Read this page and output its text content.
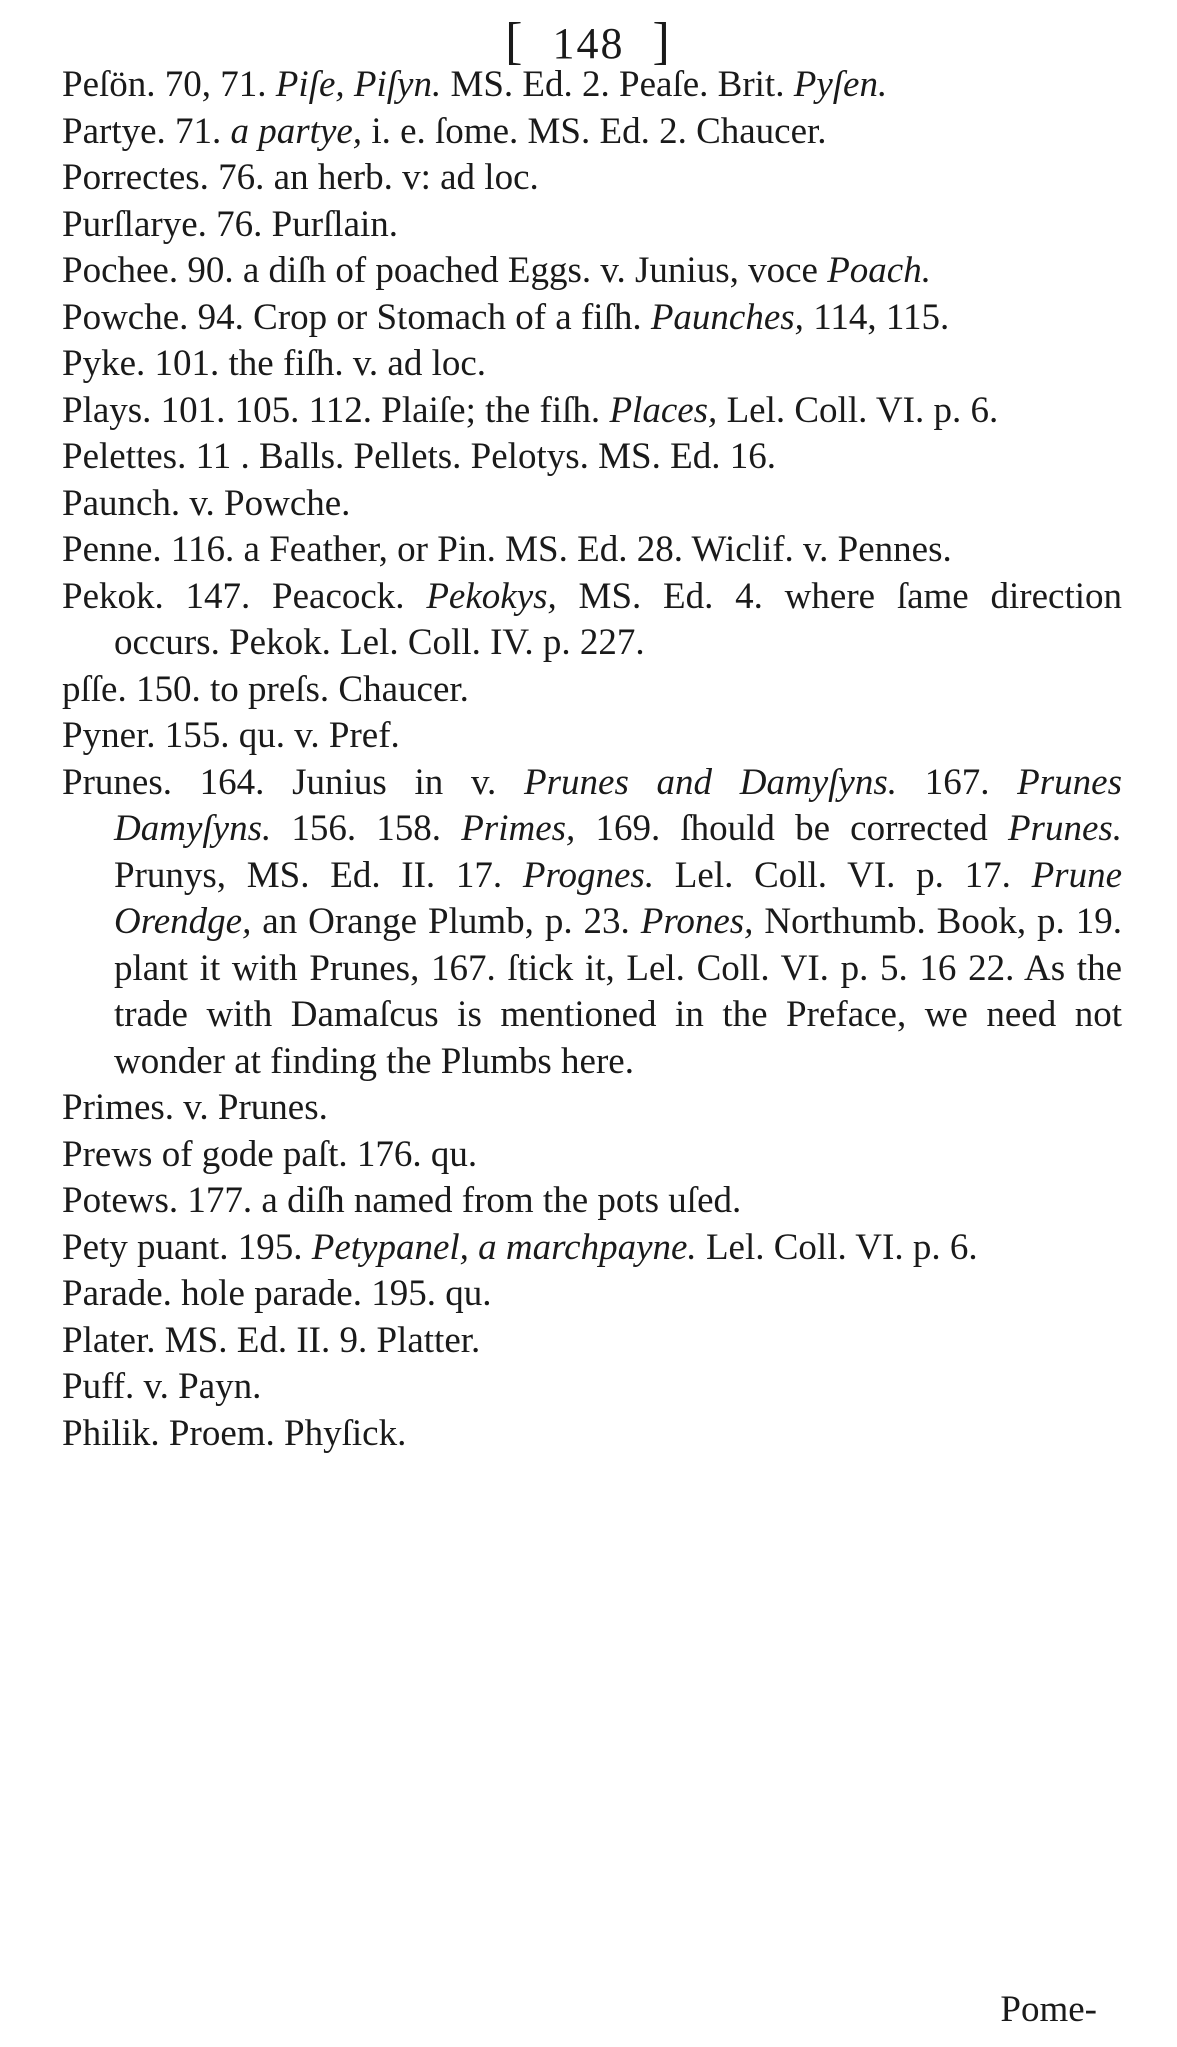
[ 148 ]

Peſön. 70, 71. Piſe, Piſyn. MS. Ed. 2. Peaſe. Brit. Pyſen.

Partye. 71. a partye, i. e. ſome. MS. Ed. 2. Chaucer.

Porrectes. 76. an herb. v: ad loc.

Purſlarye. 76. Purſlain.

Pochee. 90. a diſh of poached Eggs. v. Junius, voce Poach.

Powche. 94. Crop or Stomach of a fiſh. Paunches, 114, 115.

Pyke. 101. the fiſh. v. ad loc.

Plays. 101. 105. 112. Plaiſe; the fiſh. Places, Lel. Coll. VI. p. 6.

Pelettes. 11 . Balls. Pellets. Pelotys. MS. Ed. 16.

Paunch. v. Powche.

Penne. 116. a Feather, or Pin. MS. Ed. 28. Wiclif. v. Pennes.

Pekok. 147. Peacock. Pekokys, MS. Ed. 4. where ſame direction occurs. Pekok. Lel. Coll. IV. p. 227.

pſſe. 150. to preſs. Chaucer.

Pyner. 155. qu. v. Pref.

Prunes. 164. Junius in v. Prunes and Damyſyns. 167. Prunes Damyſyns. 156. 158. Primes, 169. ſhould be corrected Prunes. Prunys, MS. Ed. II. 17. Prognes. Lel. Coll. VI. p. 17. Prune Orendge, an Orange Plumb, p. 23. Prones, Northumb. Book, p. 19. plant it with Prunes, 167. ſtick it, Lel. Coll. VI. p. 5. 16 22. As the trade with Damaſcus is mentioned in the Preface, we need not wonder at finding the Plumbs here.

Primes. v. Prunes.

Prews of gode paſt. 176. qu.

Potews. 177. a diſh named from the pots uſed.

Pety puant. 195. Petypanel, a marchpayne. Lel. Coll. VI. p. 6.

Parade. hole parade. 195. qu.

Plater. MS. Ed. II. 9. Platter.

Puff. v. Payn.

Philik. Proem. Phyſick.

Pome-
